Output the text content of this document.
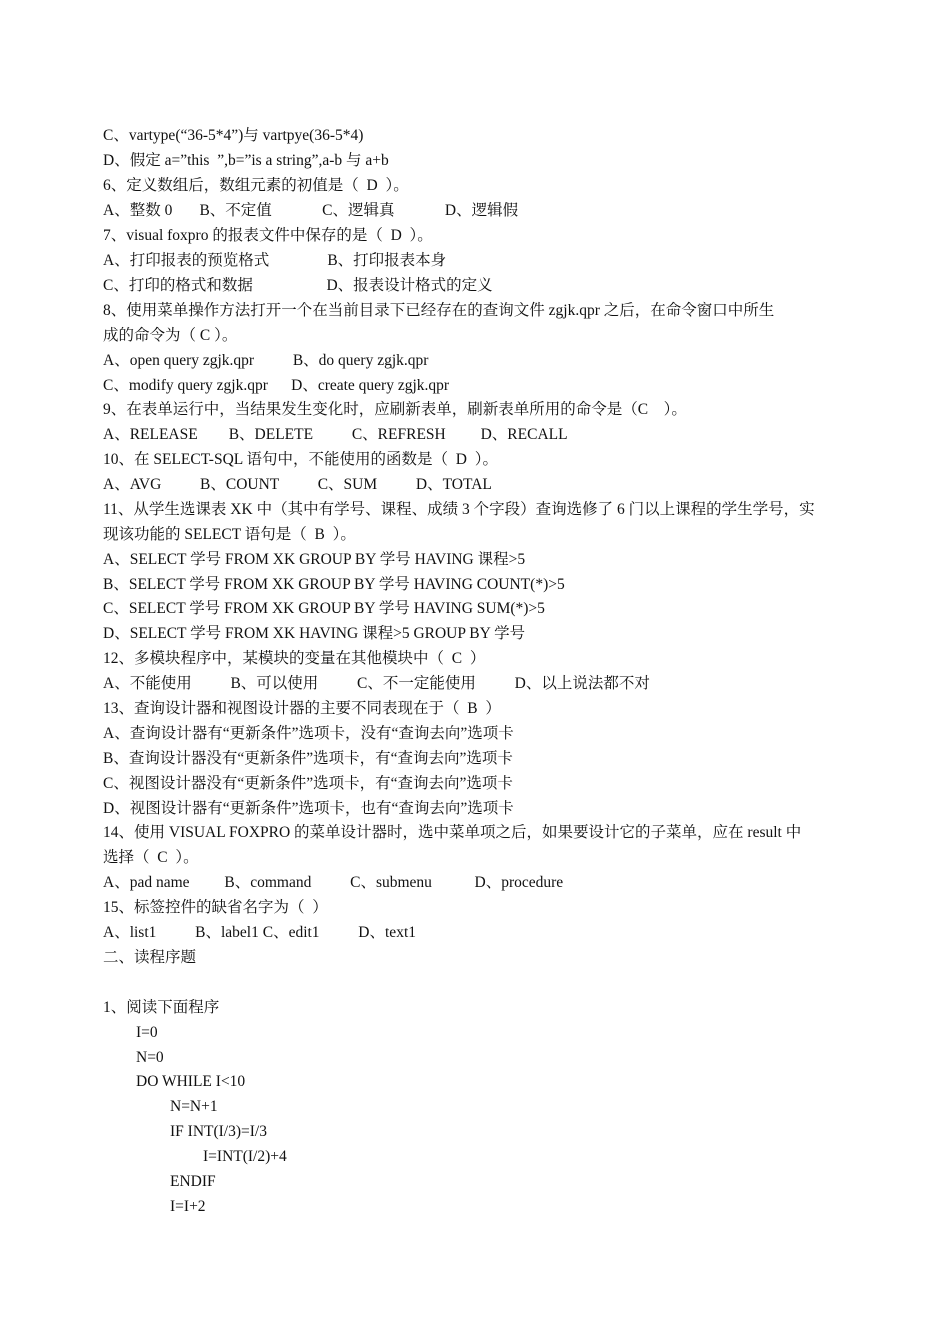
C、vartype(“36-5*4”)与 vartpye(36-5*4)
D、假定 a=”this  ”,b=”is a string”,a-b 与 a+b
6、定义数组后，数组元素的初值是（  D  ）。
A、整数 0       B、不定值             C、逻辑真             D、逻辑假
7、visual foxpro 的报表文件中保存的是（  D  ）。
A、打印报表的预览格式               B、打印报表本身
C、打印的格式和数据                   D、报表设计格式的定义
8、使用菜单操作方法打开一个在当前目录下已经存在的查询文件 zgjk.qpr 之后，在命令窗口中所生
成的命令为（ C ）。
A、open query zgjk.qpr          B、do query zgjk.qpr
C、modify query zgjk.qpr      D、create query zgjk.qpr
9、在表单运行中，当结果发生变化时，应刷新表单，刷新表单所用的命令是（C    ）。
A、RELEASE        B、DELETE          C、REFRESH         D、RECALL
10、在 SELECT-SQL 语句中，不能使用的函数是（  D  ）。
A、AVG          B、COUNT          C、SUM          D、TOTAL
11、从学生选课表 XK 中（其中有学号、课程、成绩 3 个字段）查询选修了 6 门以上课程的学生学号，实
现该功能的 SELECT 语句是（  B  ）。
A、SELECT 学号 FROM XK GROUP BY 学号 HAVING 课程>5
B、SELECT 学号 FROM XK GROUP BY 学号 HAVING COUNT(*)>5
C、SELECT 学号 FROM XK GROUP BY 学号 HAVING SUM(*)>5
D、SELECT 学号 FROM XK HAVING 课程>5 GROUP BY 学号
12、多模块程序中，某模块的变量在其他模块中（  C  ）
A、不能使用          B、可以使用          C、不一定能使用          D、以上说法都不对
13、查询设计器和视图设计器的主要不同表现在于（  B  ）
A、查询设计器有“更新条件”选项卡，没有“查询去向”选项卡
B、查询设计器没有“更新条件”选项卡，有“查询去向”选项卡
C、视图设计器没有“更新条件”选项卡，有“查询去向”选项卡
D、视图设计器有“更新条件”选项卡，也有“查询去向”选项卡
14、使用 VISUAL FOXPRO 的菜单设计器时，选中菜单项之后，如果要设计它的子菜单，应在 result 中
选择（  C  ）。
A、pad name         B、command          C、submenu           D、procedure
15、标签控件的缺省名字为（  ）
A、list1          B、label1 C、edit1          D、text1
二、读程序题
1、阅读下面程序
I=0
N=0
DO WHILE I<10
N=N+1
IF INT(I/3)=I/3
I=INT(I/2)+4
ENDIF
I=I+2
